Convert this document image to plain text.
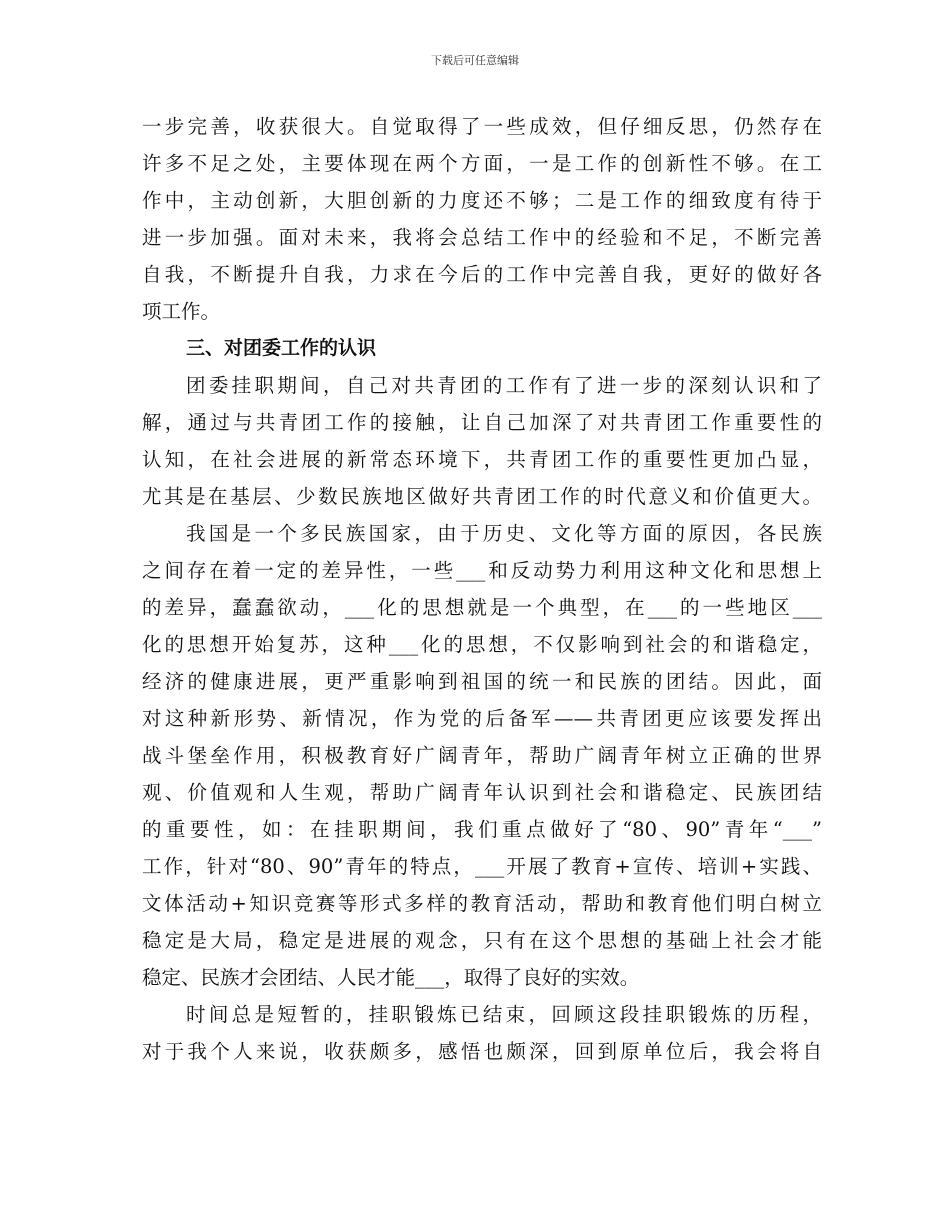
下载后可任意编辑
一步完善，收获很大。自觉取得了一些成效，但仔细反思，仍然存在
许多不足之处，主要体现在两个方面，一是工作的创新性不够。在工
作中，主动创新，大胆创新的力度还不够；二是工作的细致度有待于
进一步加强。面对未来，我将会总结工作中的经验和不足，不断完善
自我，不断提升自我，力求在今后的工作中完善自我，更好的做好各
项工作。
三、对团委工作的认识
团委挂职期间，自己对共青团的工作有了进一步的深刻认识和了
解，通过与共青团工作的接触，让自己加深了对共青团工作重要性的
认知，在社会进展的新常态环境下，共青团工作的重要性更加凸显，
尤其是在基层、少数民族地区做好共青团工作的时代意义和价值更大。
我国是一个多民族国家，由于历史、文化等方面的原因，各民族
之间存在着一定的差异性，一些___和反动势力利用这种文化和思想上
的差异，蠢蠢欲动，___化的思想就是一个典型，在___的一些地区___
化的思想开始复苏，这种___化的思想，不仅影响到社会的和谐稳定，
经济的健康进展，更严重影响到祖国的统一和民族的团结。因此，面
对这种新形势、新情况，作为党的后备军——共青团更应该要发挥出
战斗堡垒作用，积极教育好广阔青年，帮助广阔青年树立正确的世界
观、价值观和人生观，帮助广阔青年认识到社会和谐稳定、民族团结
的重要性，如：在挂职期间，我们重点做好了“80、90”青年“___”
工作，针对“80、90”青年的特点，___开展了教育+宣传、培训+实践、
文体活动+知识竞赛等形式多样的教育活动，帮助和教育他们明白树立
稳定是大局，稳定是进展的观念，只有在这个思想的基础上社会才能
稳定、民族才会团结、人民才能___，取得了良好的实效。
时间总是短暂的，挂职锻炼已结束，回顾这段挂职锻炼的历程，
对于我个人来说，收获颇多，感悟也颇深，回到原单位后，我会将自
